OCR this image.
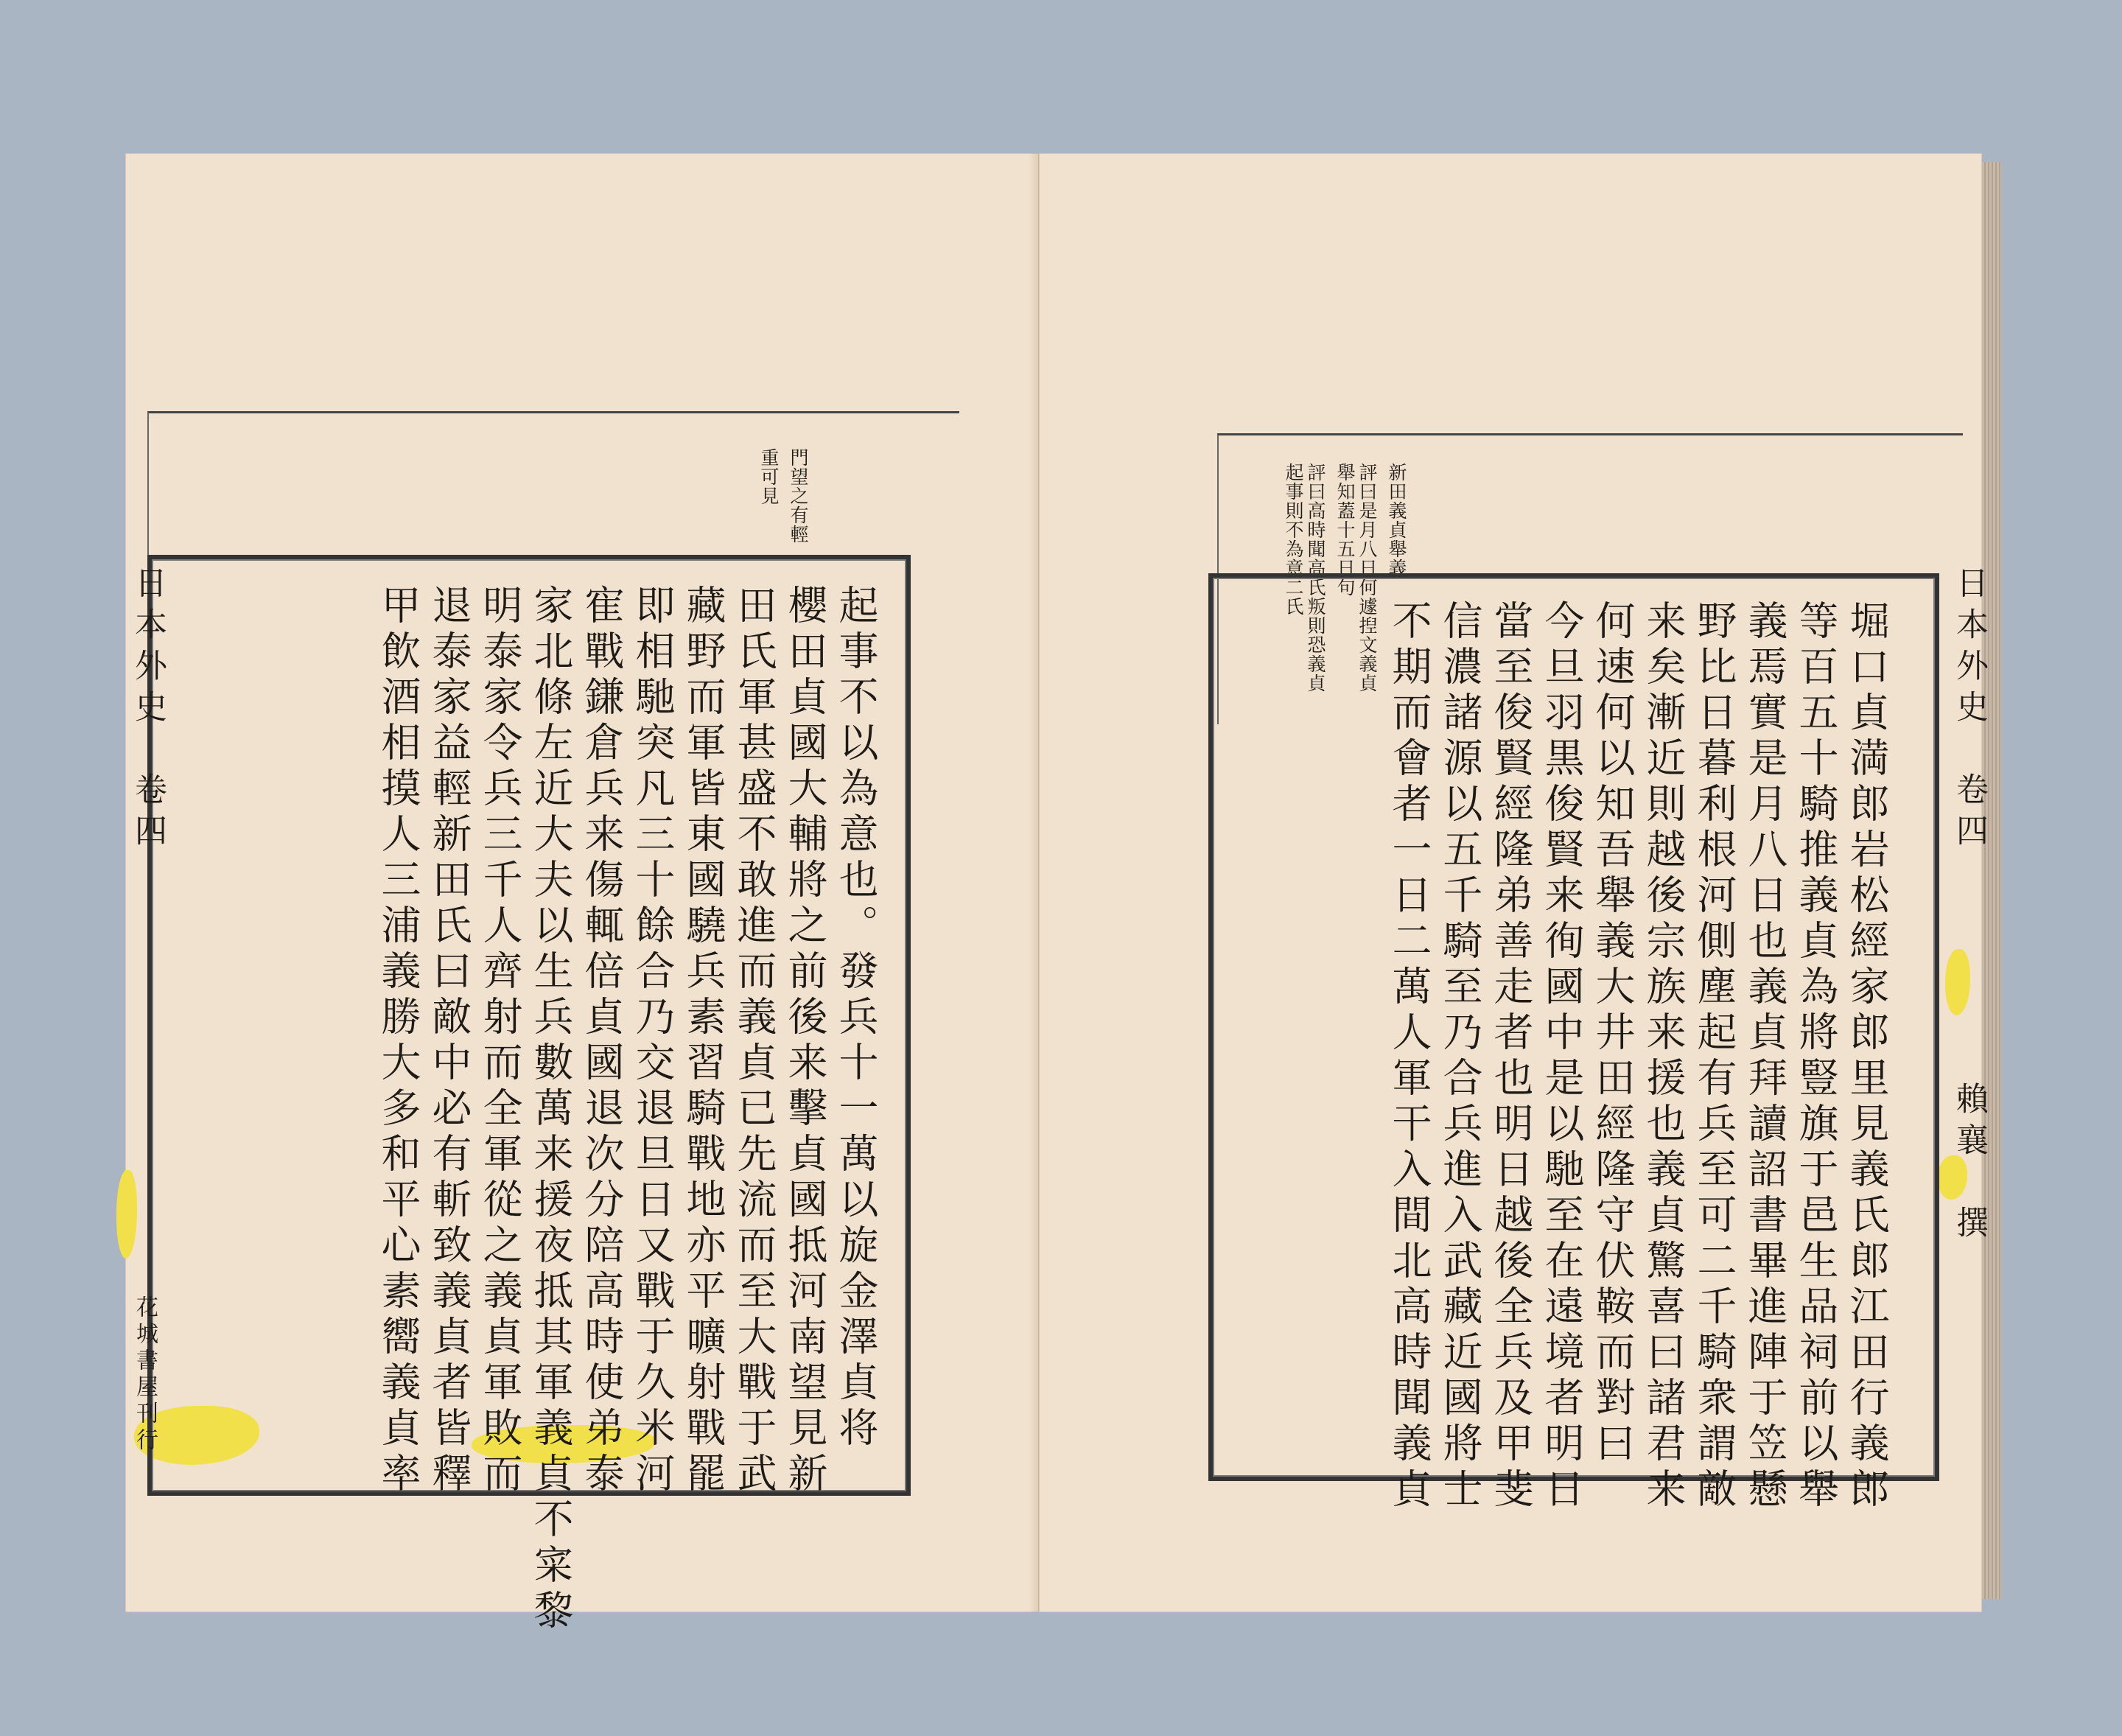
門望之有輕
重可見
起事不以為意也。發兵十一萬以旋金澤貞将
櫻田貞國大輔將之前後来擊貞國抵河南望見新
田氏軍甚盛不敢進而義貞已先流而至大戰于武
藏野而軍皆東國驍兵素習騎戰地亦平曠射戰罷
即相馳突凡三十餘合乃交退旦日又戰于久米河
寉戰鎌倉兵来傷輒倍貞國退次分陪高時使弟泰
家北條左近大夫以生兵數萬来援夜抵其軍義貞不寀黎
明泰家令兵三千人齊射而全軍從之義貞軍敗而
退泰家益輕新田氏曰敵中必有斬致義貞者皆釋
甲飲酒相摸人三浦義勝大多和平心素嚮義貞率
日本外史　卷四
花城書屋刊行
新田義貞舉義
評曰是月八日何遽揑文義貞舉知蓋十五日句
評曰高時聞高氏叛則恐義貞起事則不為意二氏
堀口貞満郎岩松經家郎里見義氏郎江田行義郎
等百五十騎推義貞為將豎旗于邑生品祠前以舉
義焉實是月八日也義貞拜讀詔書畢進陣于笠懸
野比日暮利根河側塵起有兵至可二千騎衆謂敵
来矣漸近則越後宗族来援也義貞驚喜曰諸君来
何速何以知吾舉義大井田經隆守伏鞍而對曰
今旦羽黒俊賢来徇國中是以馳至在遠境者明日
當至俊賢經隆弟善走者也明日越後全兵及甲斐
信濃諸源以五千騎至乃合兵進入武藏近國將士
不期而會者一日二萬人軍干入間北高時聞義貞	日本外史　卷四
賴襄　撰
